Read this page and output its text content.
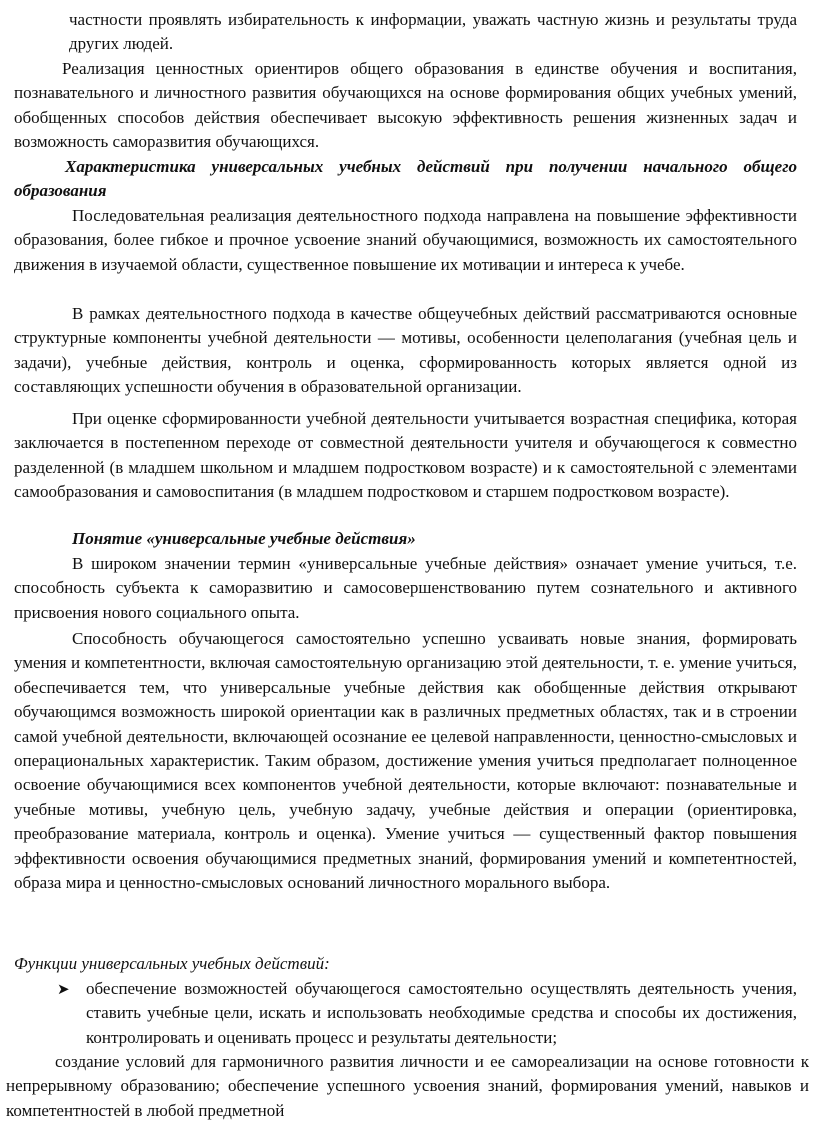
частности проявлять избирательность к информации, уважать частную жизнь и результаты труда других людей.

Реализация ценностных ориентиров общего образования в единстве обучения и воспитания, познавательного и личностного развития обучающихся на основе формирования общих учебных умений, обобщенных способов действия обеспечивает высокую эффективность решения жизненных задач и возможность саморазвития обучающихся.

Характеристика универсальных учебных действий при получении начального общего образования

Последовательная реализация деятельностного подхода направлена на повышение эффективности образования, более гибкое и прочное усвоение знаний обучающимися, возможность их самостоятельного движения в изучаемой области, существенное повышение их мотивации и интереса к учебе.

В рамках деятельностного подхода в качестве общеучебных действий рассматриваются основные структурные компоненты учебной деятельности — мотивы, особенности целеполагания (учебная цель и задачи), учебные действия, контроль и оценка, сформированность которых является одной из составляющих успешности обучения в образовательной организации.

При оценке сформированности учебной деятельности учитывается возрастная специфика, которая заключается в постепенном переходе от совместной деятельности учителя и обучающегося к совместно разделенной (в младшем школьном и младшем подростковом возрасте) и к самостоятельной с элементами самообразования и самовоспитания (в младшем подростковом и старшем подростковом возрасте).

Понятие «универсальные учебные действия»

В широком значении термин «универсальные учебные действия» означает умение учиться, т.е. способность субъекта к саморазвитию и самосовершенствованию путем сознательного и активного присвоения нового социального опыта.

Способность обучающегося самостоятельно успешно усваивать новые знания, формировать умения и компетентности, включая самостоятельную организацию этой деятельности, т. е. умение учиться, обеспечивается тем, что универсальные учебные действия как обобщенные действия открывают обучающимся возможность широкой ориентации как в различных предметных областях, так и в строении самой учебной деятельности, включающей осознание ее целевой направленности, ценностно-смысловых и операциональных характеристик. Таким образом, достижение умения учиться предполагает полноценное освоение обучающимися всех компонентов учебной деятельности, которые включают: познавательные и учебные мотивы, учебную цель, учебную задачу, учебные действия и операции (ориентировка, преобразование материала, контроль и оценка). Умение учиться — существенный фактор повышения эффективности освоения обучающимися предметных знаний, формирования умений и компетентностей, образа мира и ценностно-смысловых оснований личностного морального выбора.

Функции универсальных учебных действий:

➤ обеспечение возможностей обучающегося самостоятельно осуществлять деятельность учения, ставить учебные цели, искать и использовать необходимые средства и способы их достижения, контролировать и оценивать процесс и результаты деятельности;

создание условий для гармоничного развития личности и ее самореализации на основе готовности к непрерывному образованию; обеспечение успешного усвоения знаний, формирования умений, навыков и компетентностей в любой предметной
